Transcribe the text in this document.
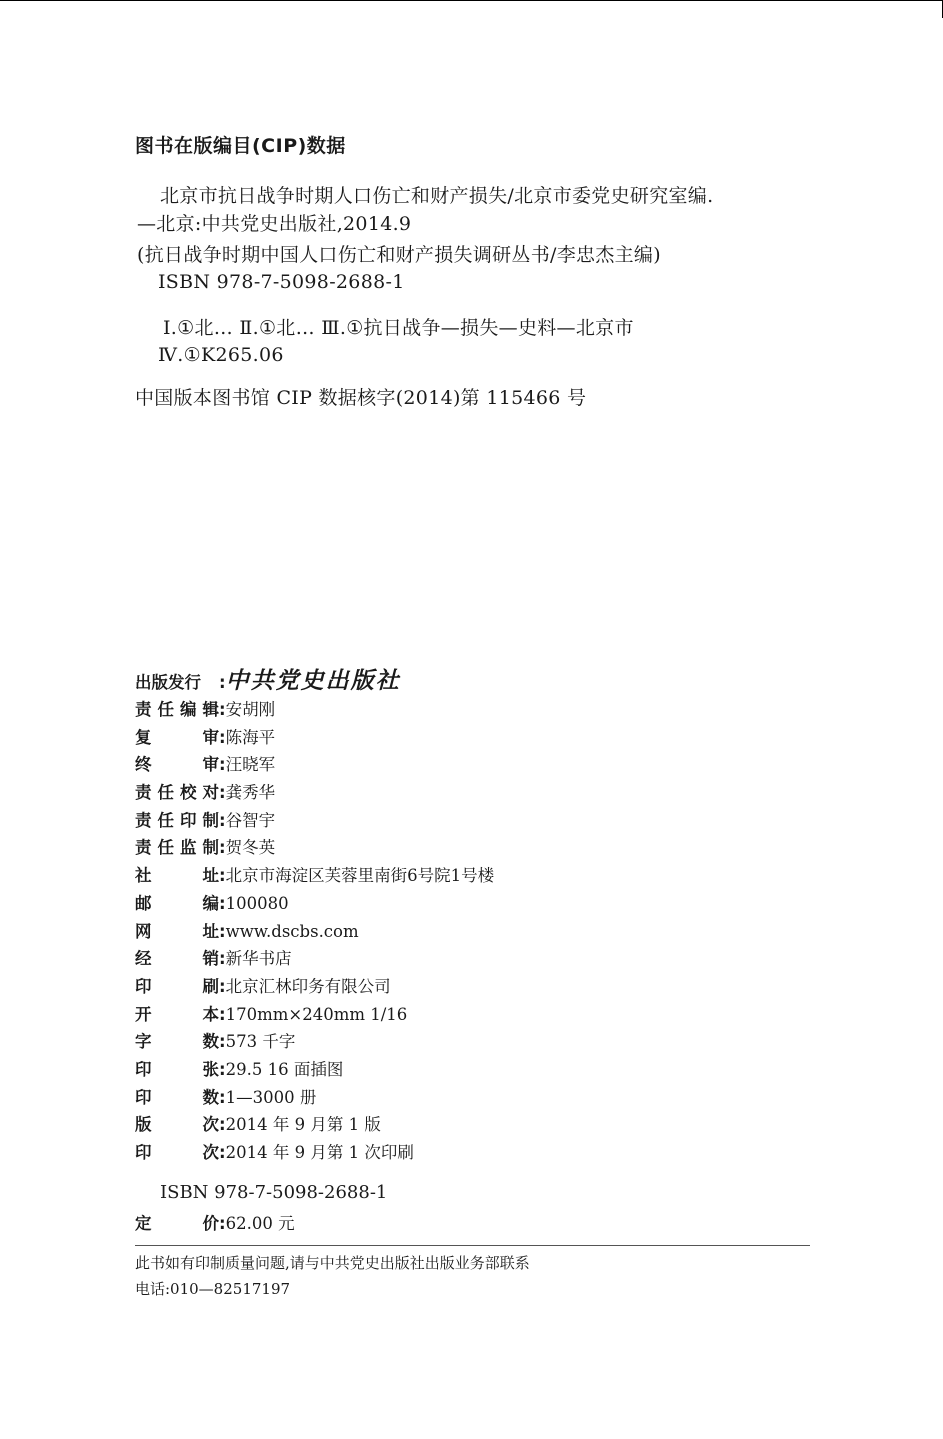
图书在版编目(CIP)数据
北京市抗日战争时期人口伤亡和财产损失/北京市委党史研究室编.
—北京:中共党史出版社,2014.9
(抗日战争时期中国人口伤亡和财产损失调研丛书/李忠杰主编)
ISBN 978-7-5098-2688-1
Ⅰ.①北… Ⅱ.①北… Ⅲ.①抗日战争—损失—史料—北京市
Ⅳ.①K265.06
中国版本图书馆 CIP 数据核字(2014)第 115466 号
出版发行 : 中共党史出版社
责 任 编 辑 : 安胡刚
复	审 : 陈海平
终	审 : 汪晓军
责 任 校 对 : 龚秀华
责 任 印 制 : 谷智宇
责 任 监 制 : 贺冬英
社	址 : 北京市海淀区芙蓉里南街6号院1号楼
邮	编 : 100080
网	址 : www.dscbs.com
经	销 : 新华书店
印	刷 : 北京汇林印务有限公司
开	本 : 170mm×240mm 1/16
字	数 : 573 千字
印	张 : 29.5 16 面插图
印	数 : 1—3000 册
版	次 : 2014 年 9 月第 1 版
印	次 : 2014 年 9 月第 1 次印刷
ISBN 978-7-5098-2688-1
定	价 : 62.00 元
此书如有印制质量问题,请与中共党史出版社出版业务部联系
电话:010—82517197
